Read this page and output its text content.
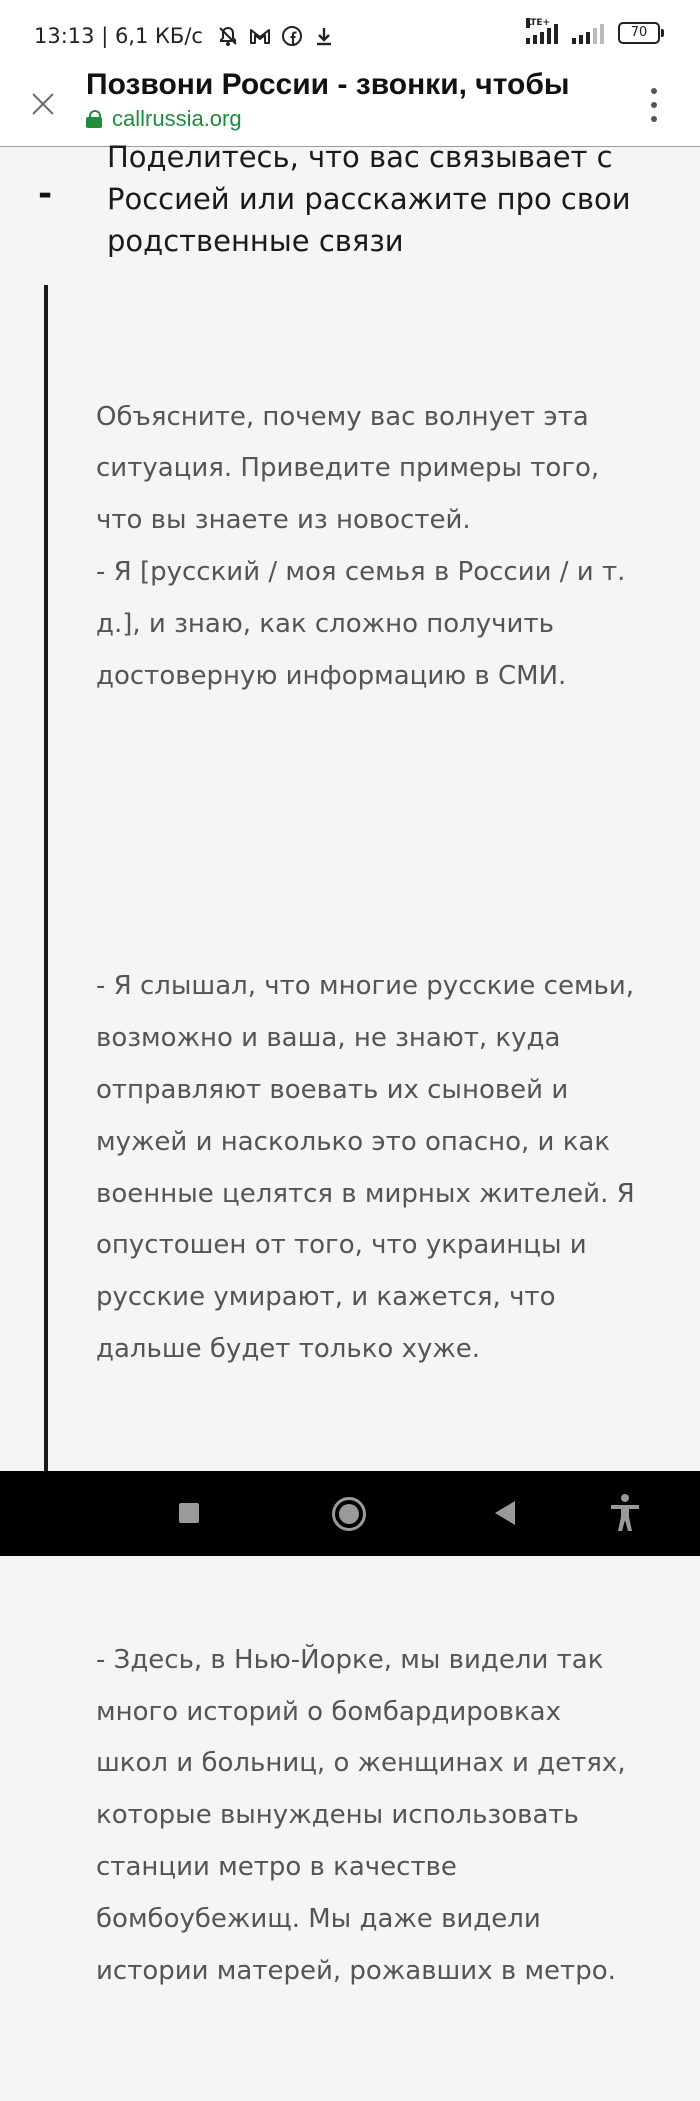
13:13 | 6,1 КБ/с
LTE+
70
Позвони России - звонки, чтобы
callrussia.org
-
Поделитесь, что вас связывает с Россией или расскажите про свои родственные связи

Объясните, почему вас волнует эта ситуация. Приведите примеры того, что вы знаете из новостей.
- Я [русский / моя семья в России / и т. д.], и знаю, как сложно получить достоверную информацию в СМИ.

- Я слышал, что многие русские семьи, возможно и ваша, не знают, куда отправляют воевать их сыновей и мужей и насколько это опасно, и как военные целятся в мирных жителей. Я опустошен от того, что украинцы и русские умирают, и кажется, что дальше будет только хуже.

- Здесь, в Нью-Йорке, мы видели так много историй о бомбардировках школ и больниц, о женщинах и детях, которые вынуждены использовать станции метро в качестве бомбоубежищ. Мы даже видели истории матерей, рожавших в метро.
